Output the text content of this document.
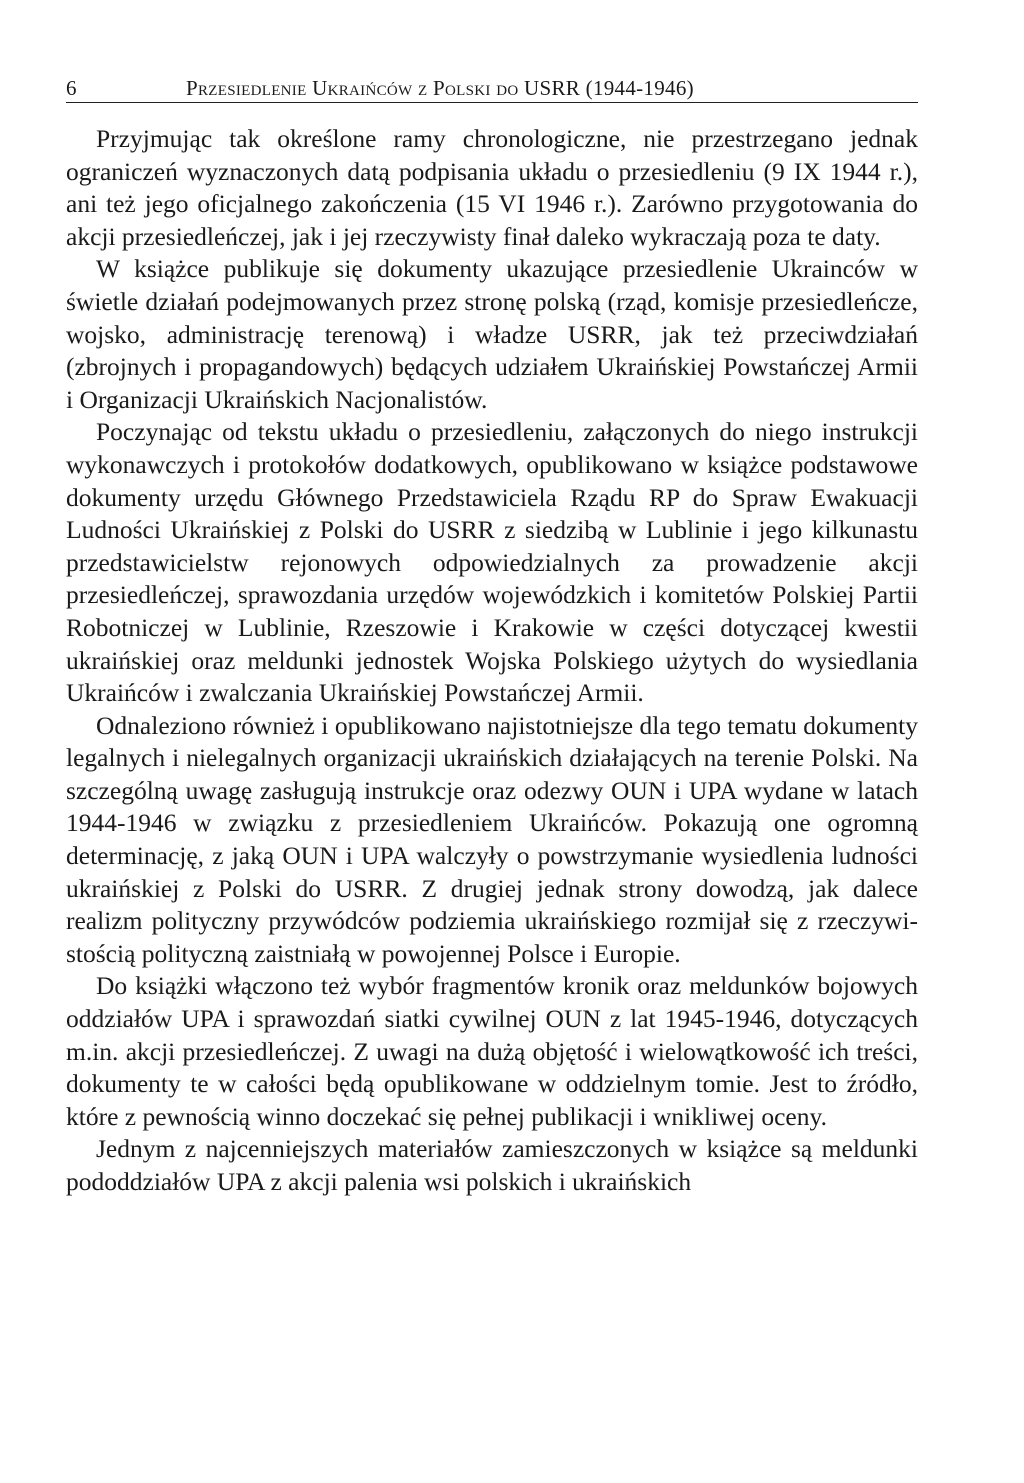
6	Przesiedlenie Ukraińców z Polski do USRR (1944-1946)

Przyjmując tak określone ramy chronologiczne, nie przestrzegano jednak ograniczeń wyznaczonych datą podpisania układu o przesiedleniu (9 IX 1944 r.), ani też jego oficjalnego zakończenia (15 VI 1946 r.). Zarówno przygotowania do akcji przesiedleńczej, jak i jej rzeczywisty finał daleko wykraczają poza te daty.

W książce publikuje się dokumenty ukazujące przesiedlenie Ukrainców w świetle działań podejmowanych przez stronę polską (rząd, komisje przesiedleńcze, wojsko, administrację terenową) i władze USRR, jak też przeciwdziałań (zbrojnych i propagandowych) będących udziałem Ukraińskiej Powstańczej Armii i Organizacji Ukraińskich Nacjonalistów.

Poczynając od tekstu układu o przesiedleniu, załączonych do niego instrukcji wykonawczych i protokołów dodatkowych, opublikowano w książce podstawowe dokumenty urzędu Głównego Przedstawiciela Rządu RP do Spraw Ewakuacji Ludności Ukraińskiej z Polski do USRR z siedzibą w Lublinie i jego kilkunastu przedstawicielstw rejonowych odpowiedzialnych za prowadzenie akcji przesiedleńczej, sprawozdania urzędów wojewódzkich i komitetów Polskiej Partii Robotniczej w Lublinie, Rzeszowie i Krakowie w części dotyczącej kwestii ukraińskiej oraz meldunki jednostek Wojska Polskiego użytych do wysiedlania Ukraińców i zwalczania Ukraińskiej Powstańczej Armii.

Odnaleziono również i opublikowano najistotniejsze dla tego tematu dokumenty legalnych i nielegalnych organizacji ukraińskich działających na terenie Polski. Na szczególną uwagę zasługują instrukcje oraz odezwy OUN i UPA wydane w latach 1944-1946 w związku z przesiedleniem Ukraińców. Pokazują one ogromną determinację, z jaką OUN i UPA walczyły o powstrzymanie wysiedlenia ludności ukraińskiej z Polski do USRR. Z drugiej jednak strony dowodzą, jak dalece realizm polityczny przywódców podziemia ukraińskiego rozmijał się z rzeczywistością polityczną zaistniałą w powojennej Polsce i Europie.

Do książki włączono też wybór fragmentów kronik oraz meldunków bojowych oddziałów UPA i sprawozdań siatki cywilnej OUN z lat 1945-1946, dotyczących m.in. akcji przesiedleńczej. Z uwagi na dużą objętość i wielowątkowość ich treści, dokumenty te w całości będą opublikowane w oddzielnym tomie. Jest to źródło, które z pewnością winno doczekać się pełnej publikacji i wnikliwej oceny.

Jednym z najcenniejszych materiałów zamieszczonych w książce są meldunki pododdziałów UPA z akcji palenia wsi polskich i ukraińskich
